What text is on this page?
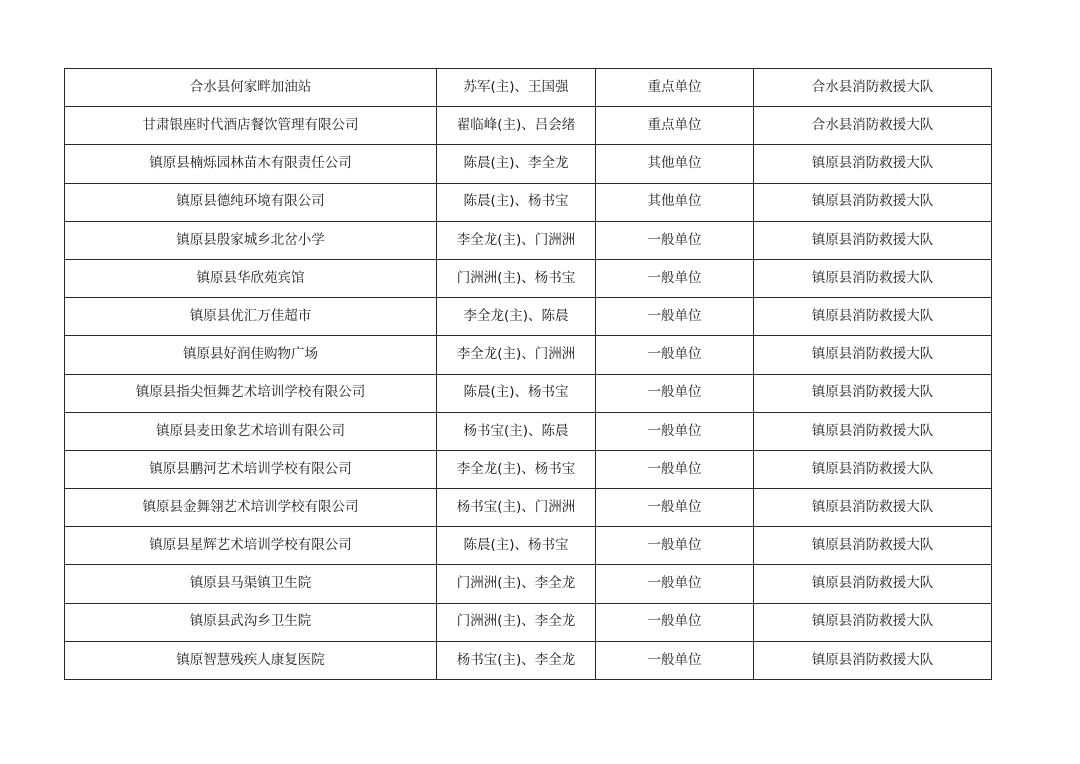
合水县何家畔加油站	苏军(主)、王国强	重点单位	合水县消防救援大队
甘肃银座时代酒店餐饮管理有限公司	翟临峰(主)、吕会绪	重点单位	合水县消防救援大队
镇原县楠烁园林苗木有限责任公司	陈晨(主)、李全龙	其他单位	镇原县消防救援大队
镇原县德纯环境有限公司	陈晨(主)、杨书宝	其他单位	镇原县消防救援大队
镇原县殷家城乡北岔小学	李全龙(主)、门洲洲	一般单位	镇原县消防救援大队
镇原县华欣苑宾馆	门洲洲(主)、杨书宝	一般单位	镇原县消防救援大队
镇原县优汇万佳超市	李全龙(主)、陈晨	一般单位	镇原县消防救援大队
镇原县好润佳购物广场	李全龙(主)、门洲洲	一般单位	镇原县消防救援大队
镇原县指尖恒舞艺术培训学校有限公司	陈晨(主)、杨书宝	一般单位	镇原县消防救援大队
镇原县麦田象艺术培训有限公司	杨书宝(主)、陈晨	一般单位	镇原县消防救援大队
镇原县鹏河艺术培训学校有限公司	李全龙(主)、杨书宝	一般单位	镇原县消防救援大队
镇原县金舞翎艺术培训学校有限公司	杨书宝(主)、门洲洲	一般单位	镇原县消防救援大队
镇原县星辉艺术培训学校有限公司	陈晨(主)、杨书宝	一般单位	镇原县消防救援大队
镇原县马渠镇卫生院	门洲洲(主)、李全龙	一般单位	镇原县消防救援大队
镇原县武沟乡卫生院	门洲洲(主)、李全龙	一般单位	镇原县消防救援大队
镇原智慧残疾人康复医院	杨书宝(主)、李全龙	一般单位	镇原县消防救援大队
